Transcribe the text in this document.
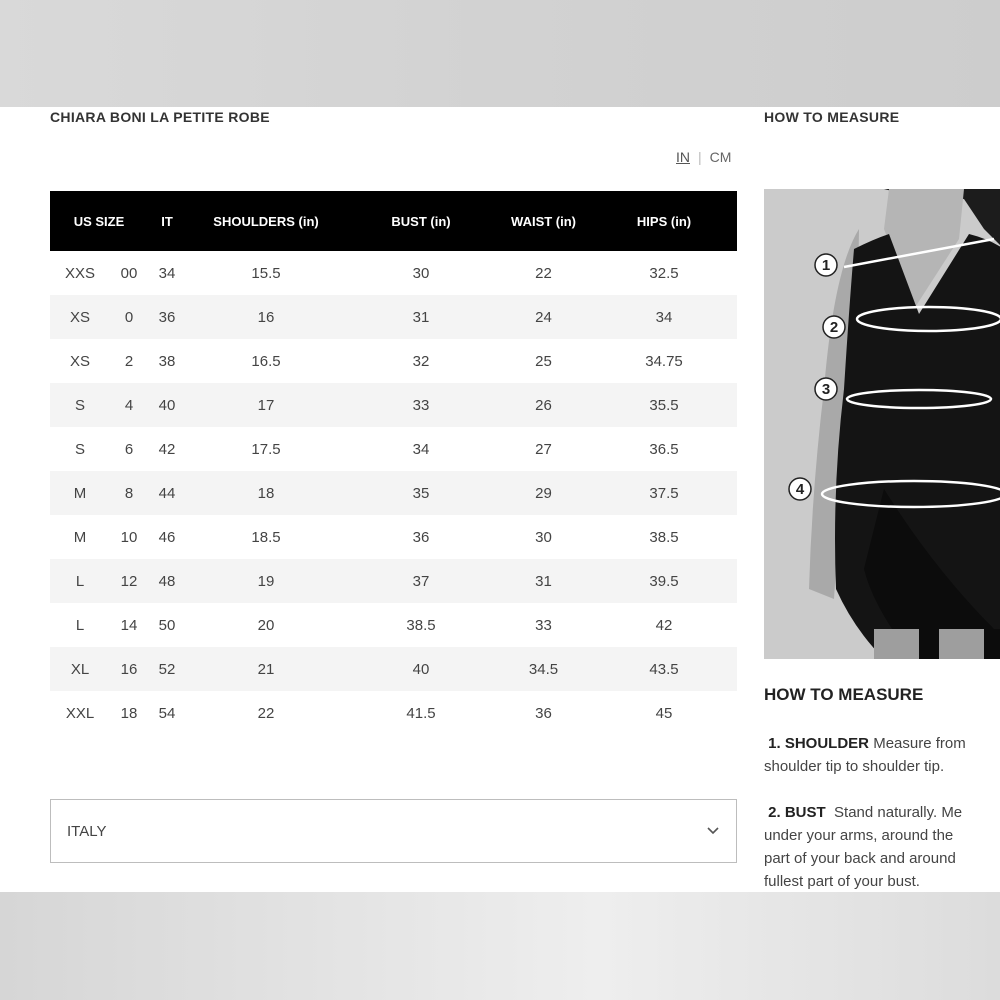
CHIARA BONI LA PETITE ROBE
IN | CM
US SIZE		IT	SHOULDERS (in)	BUST (in)	WAIST (in)	HIPS (in)
XXS	00	34	15.5	30	22	32.5
XS	0	36	16	31	24	34
XS	2	38	16.5	32	25	34.75
S	4	40	17	33	26	35.5
S	6	42	17.5	34	27	36.5
M	8	44	18	35	29	37.5
M	10	46	18.5	36	30	38.5
L	12	48	19	37	31	39.5
L	14	50	20	38.5	33	42
XL	16	52	21	40	34.5	43.5
XXL	18	54	22	41.5	36	45
ITALY
HOW TO MEASURE
1
2
3
4
HOW TO MEASURE
1. SHOULDER Measure from
shoulder tip to shoulder tip.
2. BUST Stand naturally. Me
under your arms, around the
part of your back and around
fullest part of your bust.
